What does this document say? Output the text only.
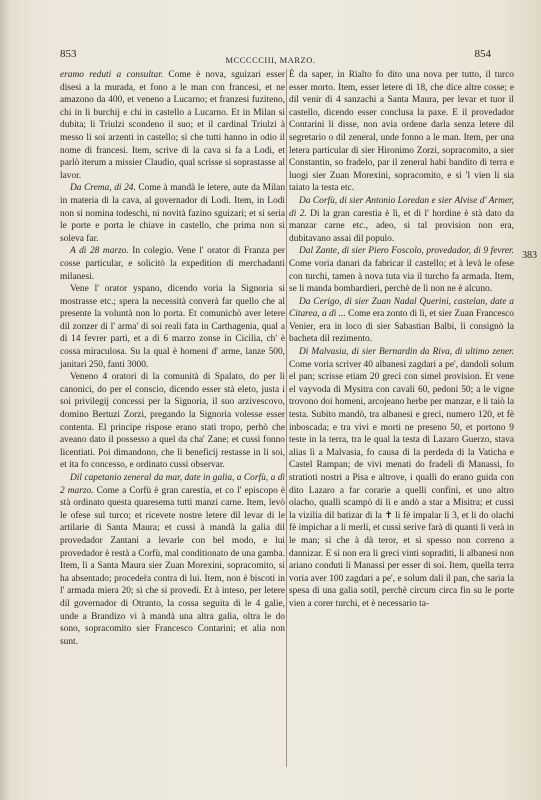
853	MCCCCCIII, MARZO.	854
383

eramo reduti a consultar. Come è nova, sguizari esser disesi a la murada, et fono a le man con francesi, et ne amazono da 400, et veneno a Lucarno; et franzesi fuziteno, chi in li burchij e chi in castello a Lucarno. Et in Milan si dubita; li Triulzi scondeno il suo; et il cardinal Triulzi à messo li soi arzenti in castello; sì che tutti hanno in odio il nome di francesi. Item, scrive di la cava si fa a Lodi, et parlò iterum a missier Claudio, qual scrisse si soprastasse al lavor.

Da Crema, di 24. Come à mandà le letere, aute da Milan in materia di la cava, al governador di Lodi. Item, in Lodi non si nomina todeschi, ni novità fazino sguizari; et si seria le porte e porta le chiave in castello, che prima non si soleva far.

A dì 28 marzo. In colegio. Vene l' orator di Franza per cosse particular, e solicitò la expedition di merchadanti milanesi.

Vene l' orator yspano, dicendo voria la Signoria si mostrasse etc.; spera la necessità converà far quello che al presente la voluntà non lo porta. Et comunichò aver letere dil zonzer di l' arma' di soi reali fata in Carthagenia, qual a dì 14 fevrer partì, et a dì 6 marzo zonse in Cicilia, ch' è cossa miraculosa. Su la qual è homeni d' arme, lanze 500, janitari 250, fanti 3000.

Veneno 4 oratori di la comunità di Spalato, do per li canonici, do per el conscio, dicendo esser stà eleto, justa i soi privilegij concessi per la Signoria, il suo arzivescovo, domino Bertuzi Zorzi, pregando la Signoria volesse esser contenta. El principe rispose erano stati tropo, perhò che aveano dato il possesso a quel da cha' Zane; et cussì fonno licentiati. Poi dimandono, che li beneficij restasse in li soi, et ita fo concesso, e ordinato cussì observar.

Dil capetanio zeneral da mar, date in galia, a Corfù, a dì 2 marzo. Come a Corfù è gran carestia, et co l' episcopo è stà ordinato questa quaresema tutti manzi carne. Item, levò le ofese sul turco; et ricevete nostre letere dil levar di le artilarie di Santa Maura; et cussì à mandà la galia dil provedador Zantani a levarle con bel modo, e lui provedador è restà a Corfù, mal conditionato de una gamba. Item, lì a Santa Maura sier Zuan Morexini, sopracomito, si ha absentado; proceder̀a contra di lui. Item, non è biscoti in l' armada miera 20; sì che si provedi. Et à inteso, per letere dil governador di Otranto, la cossa seguita di le 4 galie, unde a Brandizo vi à mandà una altra galia, oltra le do sono, sopracomito sier Francesco Contarini; et alia non sunt.

È da saper, in Rialto fo dito una nova per tutto, il turco esser morto. Item, esser letere di 18, che dice altre cosse; e dil venir di 4 sanzachi a Santa Maura, per levar et tuor il castello, dicendo esser conclusa la paxe. E il provedador Contarini li disse, non avia ordene darla senza letere dil segretario o dil zeneral, unde fonno a le man. Item, per una letera particular di sier Hironimo Zorzi, sopracomito, a sier Constantin, so fradelo, par il zeneral habi bandito di terra e luogi sier Zuan Morexini, sopracomito, e si 'l vien li sia taiato la testa etc.

Da Corfù, di sier Antonio Loredan e sier Alvise d' Armer, di 2. Di la gran carestia è lì, et di l' hordine è stà dato da manzar carne etc., adeo, si tal provision non era, dubitavano assai dil populo.

Dal Zante, di sier Piero Foscolo, provedador, di 9 fevrer. Come voria danari da fabricar il castello; et à levà le ofese con turchi, tamen à nova tuta via il turcho fa armada. Item, se li manda bombardieri, perchè de lì non ne è alcuno.

Da Cerigo, di sier Zuan Nadal Querini, castelan, date a Citarea, a dì ... Come era zonto di lì, et sier Zuan Francesco Venier, era in loco di sier Sabastian Balbi, li consignò la bacheta dil rezimento.

Di Malvasia, di sier Bernardin da Riva, di ultimo zener. Come voria scriver 40 albanesi zagdari a pe', dandoli solum el pan; scrisse etiam 20 greci con simel provision. Et vene el vayvoda di Mysitra con cavali 60, pedoni 50; a le vigne trovono doi homeni, arcojeano herbe per manzar, e li taiò la testa. Subito mandò, tra albanesi e greci, numero 120, et fè inboscada; e tra vivi e morti ne preseno 50, et portono 9 teste in la terra, tra le qual la testa di Lazaro Guerzo, stava alias lì a Malvasia, fo causa di la perdeda di la Vaticha e Castel Rampan; de vivi menati do fradeli di Manassi, fo stratioti nostri a Pisa e altrove, i qualli do erano guida con dito Lazaro a far corarie a quelli confini, et uno altro olacho, qualli scampò di lì e andò a star a Misitra; et cussì la vizilia dil batizar di la ✝ li fè impalar li 3, et li do olachi fè impichar a li merli, et cussì serive farà di quanti li verà in le man; sì che à dà teror, et sì spesso non correno a dannizar. E sì non era li greci vinti sopraditi, li albanesi non ariano conduti li Manassi per esser di soi. Item, quella terra voria aver 100 zagdari a pe', e solum dali il pan, che saria la spesa di una galia sotil, perchè circum circa fin su le porte vien a corer turchi, et è necessario ta-
